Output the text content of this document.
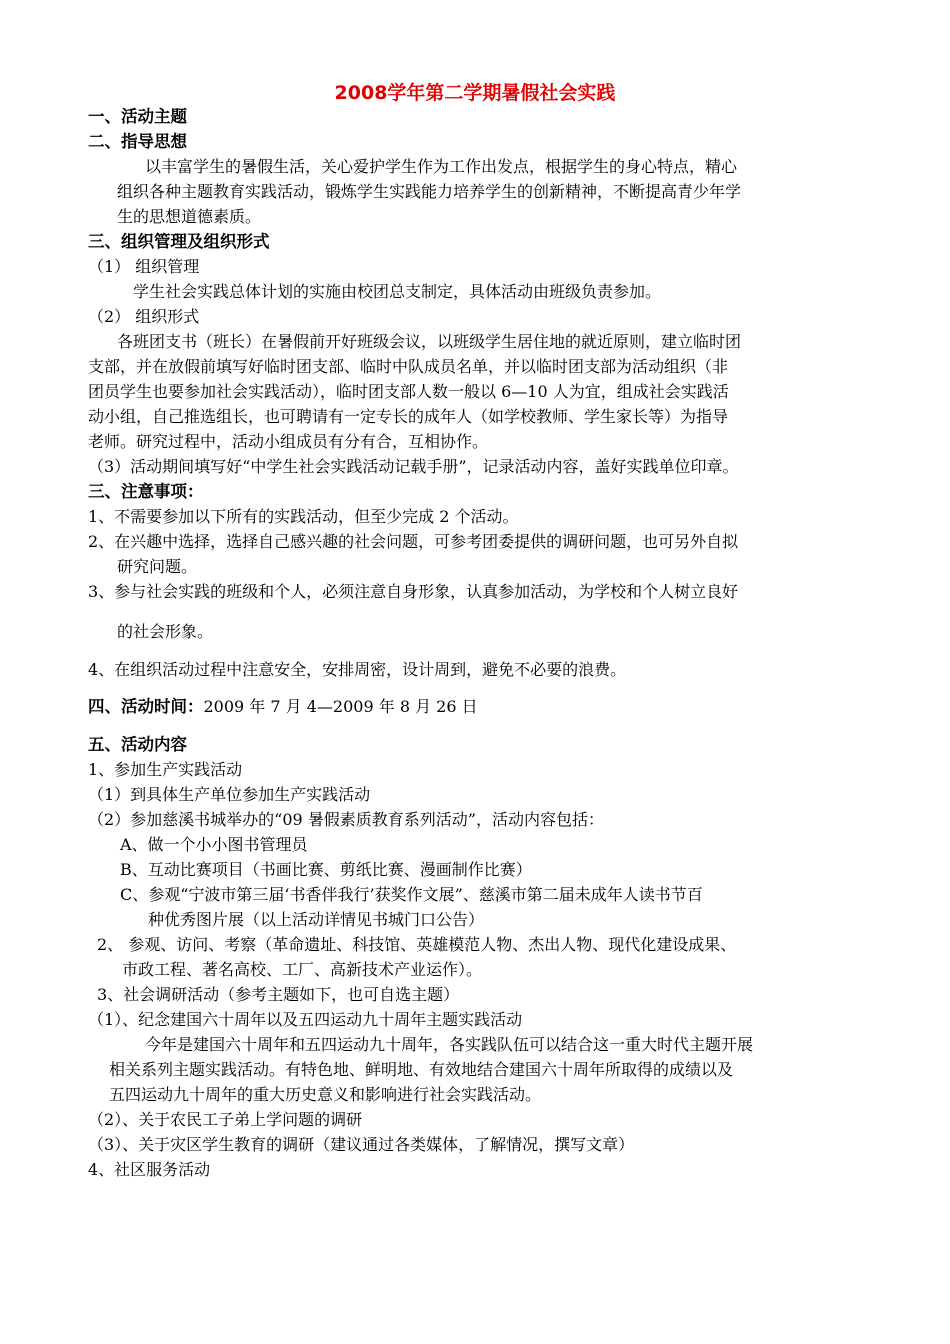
2008学年第二学期暑假社会实践
一、活动主题
二、指导思想
以丰富学生的暑假生活，关心爱护学生作为工作出发点，根据学生的身心特点，精心
组织各种主题教育实践活动，锻炼学生实践能力培养学生的创新精神，不断提高青少年学
生的思想道德素质。
三、组织管理及组织形式
（1） 组织管理
学生社会实践总体计划的实施由校团总支制定，具体活动由班级负责参加。
（2） 组织形式
各班团支书（班长）在暑假前开好班级会议，以班级学生居住地的就近原则，建立临时团
支部，并在放假前填写好临时团支部、临时中队成员名单，并以临时团支部为活动组织（非
团员学生也要参加社会实践活动），临时团支部人数一般以 6—10 人为宜，组成社会实践活
动小组，自己推选组长，也可聘请有一定专长的成年人（如学校教师、学生家长等）为指导
老师。研究过程中，活动小组成员有分有合，互相协作。
（3）活动期间填写好“中学生社会实践活动记载手册”，记录活动内容，盖好实践单位印章。
三、注意事项：
1、不需要参加以下所有的实践活动，但至少完成 2 个活动。
2、在兴趣中选择，选择自己感兴趣的社会问题，可参考团委提供的调研问题，也可另外自拟
研究问题。
3、参与社会实践的班级和个人，必须注意自身形象，认真参加活动，为学校和个人树立良好
的社会形象。
4、在组织活动过程中注意安全，安排周密，设计周到，避免不必要的浪费。
四、活动时间：2009 年 7 月 4—2009 年 8 月 26 日
五、活动内容
1、参加生产实践活动
（1）到具体生产单位参加生产实践活动
（2）参加慈溪书城举办的“09 暑假素质教育系列活动”，活动内容包括：
A、做一个小小图书管理员
B、互动比赛项目（书画比赛、剪纸比赛、漫画制作比赛）
C、参观“宁波市第三届‘书香伴我行’获奖作文展”、慈溪市第二届未成年人读书节百
种优秀图片展（以上活动详情见书城门口公告）
2、 参观、访问、考察（革命遗址、科技馆、英雄模范人物、杰出人物、现代化建设成果、
市政工程、著名高校、工厂、高新技术产业运作）。
3、社会调研活动（参考主题如下，也可自选主题）
（1）、纪念建国六十周年以及五四运动九十周年主题实践活动
今年是建国六十周年和五四运动九十周年，各实践队伍可以结合这一重大时代主题开展
相关系列主题实践活动。有特色地、鲜明地、有效地结合建国六十周年所取得的成绩以及
五四运动九十周年的重大历史意义和影响进行社会实践活动。
（2）、关于农民工子弟上学问题的调研
（3）、关于灾区学生教育的调研（建议通过各类媒体，了解情况，撰写文章）
4、社区服务活动
